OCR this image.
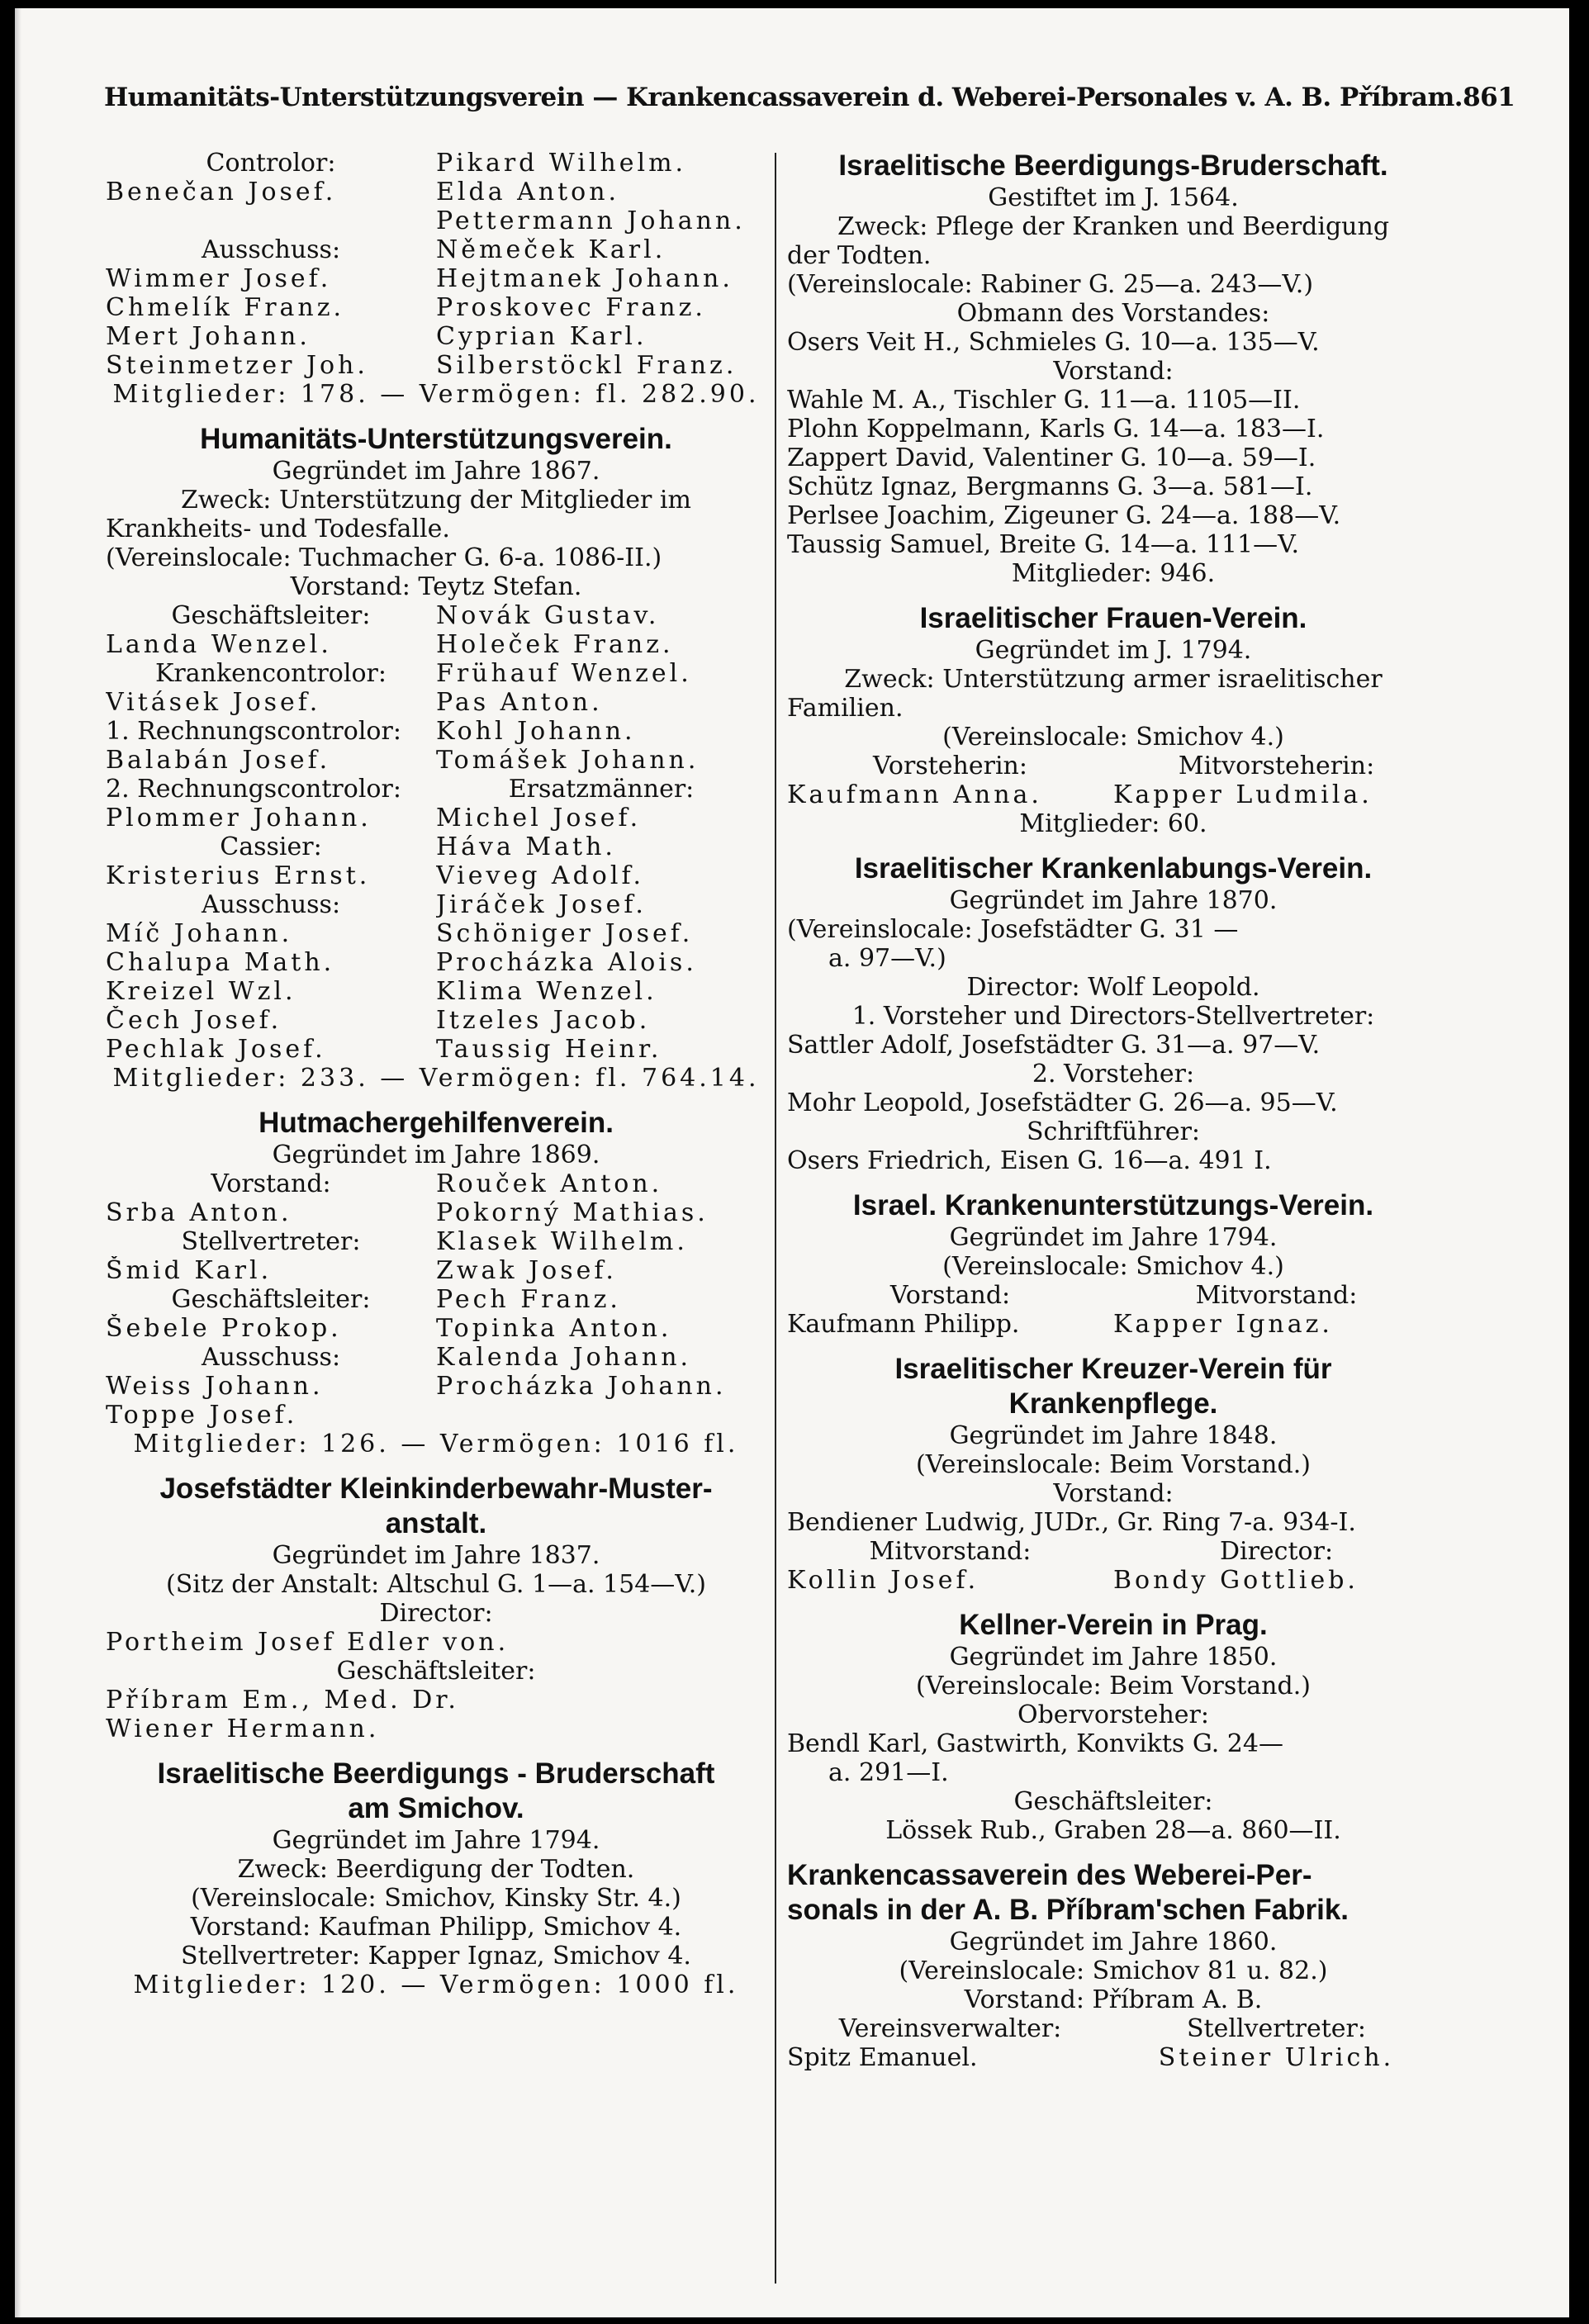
Humanitäts-Unterstützungsverein — Krankencassaverein d. Weberei-Personales v. A. B. Příbram. 861
Controlor:	Pikard Wilhelm.
Benečan Josef.	Elda Anton.
Pettermann Johann.
Ausschuss:	Němeček Karl.
Wimmer Josef.	Hejtmanek Johann.
Chmelík Franz.	Proskovec Franz.
Mert Johann.	Cyprian Karl.
Steinmetzer Joh.	Silberstöckl Franz.
Mitglieder: 178. — Vermögen: fl. 282.90.
Humanitäts-Unterstützungsverein.
Gegründet im Jahre 1867.
Zweck: Unterstützung der Mitglieder im
Krankheits- und Todesfalle.
(Vereinslocale: Tuchmacher G. 6-a. 1086-II.)
Vorstand: Teytz Stefan.
Geschäftsleiter:	Novák Gustav.
Landa Wenzel.	Holeček Franz.
Krankencontrolor:	Frühauf Wenzel.
Vitásek Josef.	Pas Anton.
1. Rechnungscontrolor:	Kohl Johann.
Balabán Josef.	Tomášek Johann.
2. Rechnungscontrolor:	Ersatzmänner:
Plommer Johann.	Michel Josef.
Cassier:	Háva Math.
Kristerius Ernst.	Vieveg Adolf.
Ausschuss:	Jiráček Josef.
Míč Johann.	Schöniger Josef.
Chalupa Math.	Procházka Alois.
Kreizel Wzl.	Klima Wenzel.
Čech Josef.	Itzeles Jacob.
Pechlak Josef.	Taussig Heinr.
Mitglieder: 233. — Vermögen: fl. 764.14.
Hutmachergehilfenverein.
Gegründet im Jahre 1869.
Vorstand:	Rouček Anton.
Srba Anton.	Pokorný Mathias.
Stellvertreter:	Klasek Wilhelm.
Šmid Karl.	Zwak Josef.
Geschäftsleiter:	Pech Franz.
Šebele Prokop.	Topinka Anton.
Ausschuss:	Kalenda Johann.
Weiss Johann.	Procházka Johann.
Toppe Josef.
Mitglieder: 126. — Vermögen: 1016 fl.
Josefstädter Kleinkinderbewahr-Muster-
anstalt.
Gegründet im Jahre 1837.
(Sitz der Anstalt: Altschul G. 1—a. 154—V.)
Director:
Portheim Josef Edler von.
Geschäftsleiter:
Příbram Em., Med. Dr.
Wiener Hermann.
Israelitische Beerdigungs - Bruderschaft
am Smichov.
Gegründet im Jahre 1794.
Zweck: Beerdigung der Todten.
(Vereinslocale: Smichov, Kinsky Str. 4.)
Vorstand: Kaufman Philipp, Smichov 4.
Stellvertreter: Kapper Ignaz, Smichov 4.
Mitglieder: 120. — Vermögen: 1000 fl.
Israelitische Beerdigungs-Bruderschaft.
Gestiftet im J. 1564.
Zweck: Pflege der Kranken und Beerdigung
der Todten.
(Vereinslocale: Rabiner G. 25—a. 243—V.)
Obmann des Vorstandes:
Osers Veit H., Schmieles G. 10—a. 135—V.
Vorstand:
Wahle M. A., Tischler G. 11—a. 1105—II.
Plohn Koppelmann, Karls G. 14—a. 183—I.
Zappert David, Valentiner G. 10—a. 59—I.
Schütz Ignaz, Bergmanns G. 3—a. 581—I.
Perlsee Joachim, Zigeuner G. 24—a. 188—V.
Taussig Samuel, Breite G. 14—a. 111—V.
Mitglieder: 946.
Israelitischer Frauen-Verein.
Gegründet im J. 1794.
Zweck: Unterstützung armer israelitischer
Familien.
(Vereinslocale: Smichov 4.)
Vorsteherin:	Mitvorsteherin:
Kaufmann Anna.	Kapper Ludmila.
Mitglieder: 60.
Israelitischer Krankenlabungs-Verein.
Gegründet im Jahre 1870.
(Vereinslocale: Josefstädter G. 31 —
a. 97—V.)
Director: Wolf Leopold.
1. Vorsteher und Directors-Stellvertreter:
Sattler Adolf, Josefstädter G. 31—a. 97—V.
2. Vorsteher:
Mohr Leopold, Josefstädter G. 26—a. 95—V.
Schriftführer:
Osers Friedrich, Eisen G. 16—a. 491 I.
Israel. Krankenunterstützungs-Verein.
Gegründet im Jahre 1794.
(Vereinslocale: Smichov 4.)
Vorstand:	Mitvorstand:
Kaufmann Philipp.	Kapper Ignaz.
Israelitischer Kreuzer-Verein für
Krankenpflege.
Gegründet im Jahre 1848.
(Vereinslocale: Beim Vorstand.)
Vorstand:
Bendiener Ludwig, JUDr., Gr. Ring 7-a. 934-I.
Mitvorstand:	Director:
Kollin Josef.	Bondy Gottlieb.
Kellner-Verein in Prag.
Gegründet im Jahre 1850.
(Vereinslocale: Beim Vorstand.)
Obervorsteher:
Bendl Karl, Gastwirth, Konvikts G. 24—
a. 291—I.
Geschäftsleiter:
Lössek Rub., Graben 28—a. 860—II.
Krankencassaverein des Weberei-Per-
sonals in der A. B. Příbram'schen Fabrik.
Gegründet im Jahre 1860.
(Vereinslocale: Smichov 81 u. 82.)
Vorstand: Příbram A. B.
Vereinsverwalter:	Stellvertreter:
Spitz Emanuel.	Steiner Ulrich.
